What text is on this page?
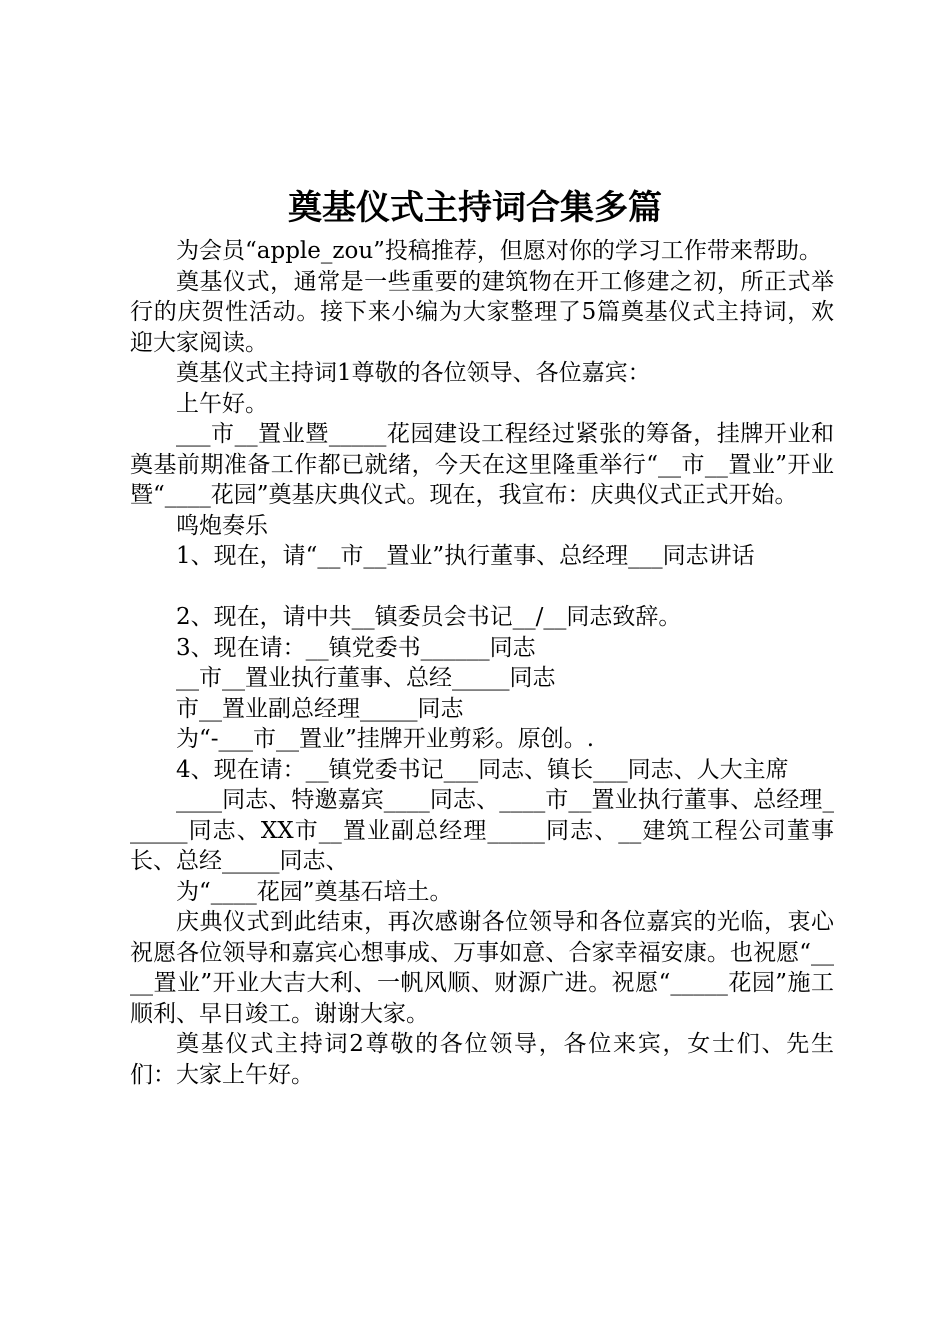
奠基仪式主持词合集多篇

为会员“apple_zou”投稿推荐，但愿对你的学习工作带来帮助。

奠基仪式，通常是一些重要的建筑物在开工修建之初，所正式举行的庆贺性活动。接下来小编为大家整理了5篇奠基仪式主持词，欢迎大家阅读。

奠基仪式主持词1尊敬的各位领导、各位嘉宾：

上午好。

___市__置业暨_____花园建设工程经过紧张的筹备，挂牌开业和奠基前期准备工作都已就绪，今天在这里隆重举行“__市__置业”开业暨“____花园”奠基庆典仪式。现在，我宣布：庆典仪式正式开始。

鸣炮奏乐

1、现在，请“__市__置业”执行董事、总经理___同志讲话

2、现在，请中共__镇委员会书记__/__同志致辞。

3、现在请：__镇党委书______同志

__市__置业执行董事、总经_____同志

市__置业副总经理_____同志

为“-___市__置业”挂牌开业剪彩。原创。.

4、现在请：__镇党委书记___同志、镇长___同志、人大主席

____同志、特邀嘉宾____同志、____市__置业执行董事、总经理______同志、XX市__置业副总经理_____同志、__建筑工程公司董事长、总经_____同志、

为“____花园”奠基石培土。

庆典仪式到此结束，再次感谢各位领导和各位嘉宾的光临，衷心祝愿各位领导和嘉宾心想事成、万事如意、合家幸福安康。也祝愿“____置业”开业大吉大利、一帆风顺、财源广进。祝愿“_____花园”施工顺利、早日竣工。谢谢大家。

奠基仪式主持词2尊敬的各位领导，各位来宾，女士们、先生们：大家上午好。
